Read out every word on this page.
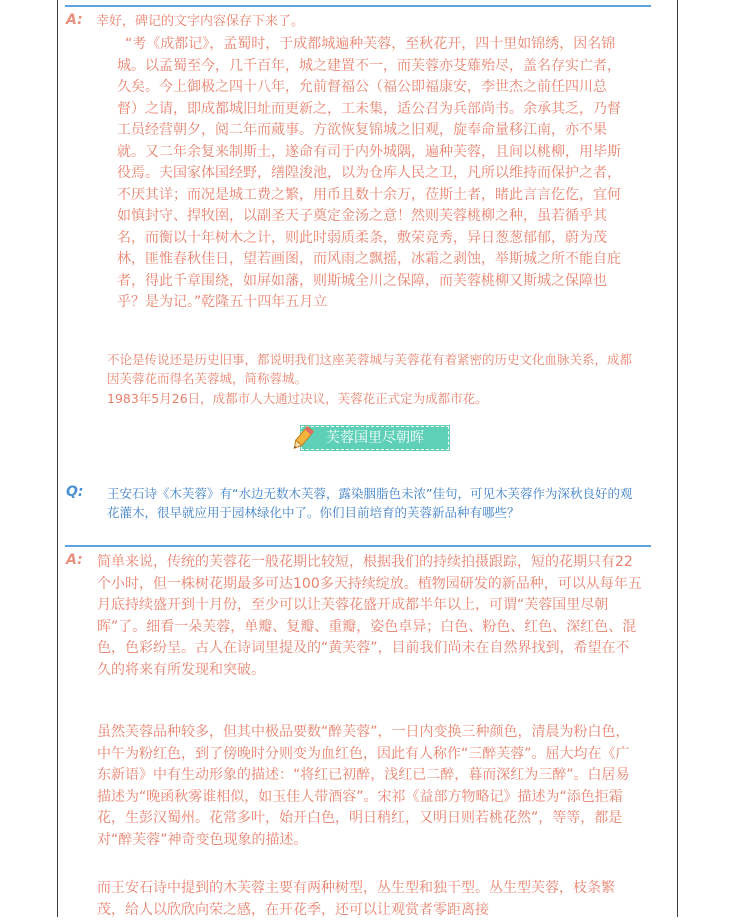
A: 幸好，碑记的文字内容保存下来了。
“考《成都记》，孟蜀时，于成都城遍种芙蓉，至秋花开，四十里如锦绣，因名锦城。以孟蜀至今，几千百年，城之建置不一，而芙蓉亦芟薙殆尽，盖名存实亡者，久矣。今上御极之四十八年，允前督福公（福公即福康安，李世杰之前任四川总督）之请，即成都城旧址而更新之，工未集，适公召为兵部尚书。余承其乏，乃督工员经营朝夕，阅二年而蒇事。方欲恢复锦城之旧观，旋奉命量移江南，亦不果就。又二年余复来制斯土，遂命有司于内外城隅，遍种芙蓉，且间以桃柳，用毕斯役焉。夫国家体国经野，缮隍浚池，以为仓库人民之卫，凡所以维持而保护之者，不厌其详；而况是城工费之繁，用币且数十余万，莅斯土者，睹此言言仡仡，宜何如慎封守、捍牧圉，以副圣天子奠定金汤之意！然则芙蓉桃柳之种，虽若循乎其名，而衡以十年树木之计，则此时弱质柔条，敷荣竞秀，异日葱葱郁郁，蔚为茂林，匪惟春秋佳日，望若画图，而风雨之飘摇，冰霜之剥蚀，举斯城之所不能自庇者，得此千章围绕，如屏如藩，则斯城全川之保障，而芙蓉桃柳又斯城之保障也乎？是为记。”乾隆五十四年五月立
不论是传说还是历史旧事，都说明我们这座芙蓉城与芙蓉花有着紧密的历史文化血脉关系，成都因芙蓉花而得名芙蓉城，简称蓉城。
1983年5月26日，成都市人大通过决议，芙蓉花正式定为成都市花。
芙蓉国里尽朝晖
Q: 王安石诗《木芙蓉》有“水边无数木芙蓉，露染胭脂色未浓”佳句，可见木芙蓉作为深秋良好的观花灌木，很早就应用于园林绿化中了。你们目前培育的芙蓉新品种有哪些？
A: 简单来说，传统的芙蓉花一般花期比较短，根据我们的持续拍摄跟踪，短的花期只有22个小时，但一株树花期最多可达100多天持续绽放。植物园研发的新品种，可以从每年五月底持续盛开到十月份，至少可以让芙蓉花盛开成都半年以上，可谓“芙蓉国里尽朝晖”了。细看一朵芙蓉，单瓣、复瓣、重瓣，姿色卓异；白色、粉色、红色、深红色、混色，色彩纷呈。古人在诗词里提及的“黄芙蓉”，目前我们尚未在自然界找到，希望在不久的将来有所发现和突破。
虽然芙蓉品种较多，但其中极品要数“醉芙蓉”，一日内变换三种颜色，清晨为粉白色，中午为粉红色，到了傍晚时分则变为血红色，因此有人称作“三醉芙蓉”。屈大均在《广东新语》中有生动形象的描述：“将红已初醉，浅红已二醉，暮而深红为三醉”。白居易描述为“晚函秋雾谁相似，如玉佳人带酒容”。宋祁《益部方物略记》描述为“添色拒霜花，生彭汉蜀州。花常多叶，始开白色，明日稍红，又明日则若桃花然”，等等，都是对“醉芙蓉”神奇变色现象的描述。
而王安石诗中提到的木芙蓉主要有两种树型，丛生型和独干型。丛生型芙蓉，枝条繁茂，给人以欣欣向荣之感，在开花季，还可以让观赏者零距离接
